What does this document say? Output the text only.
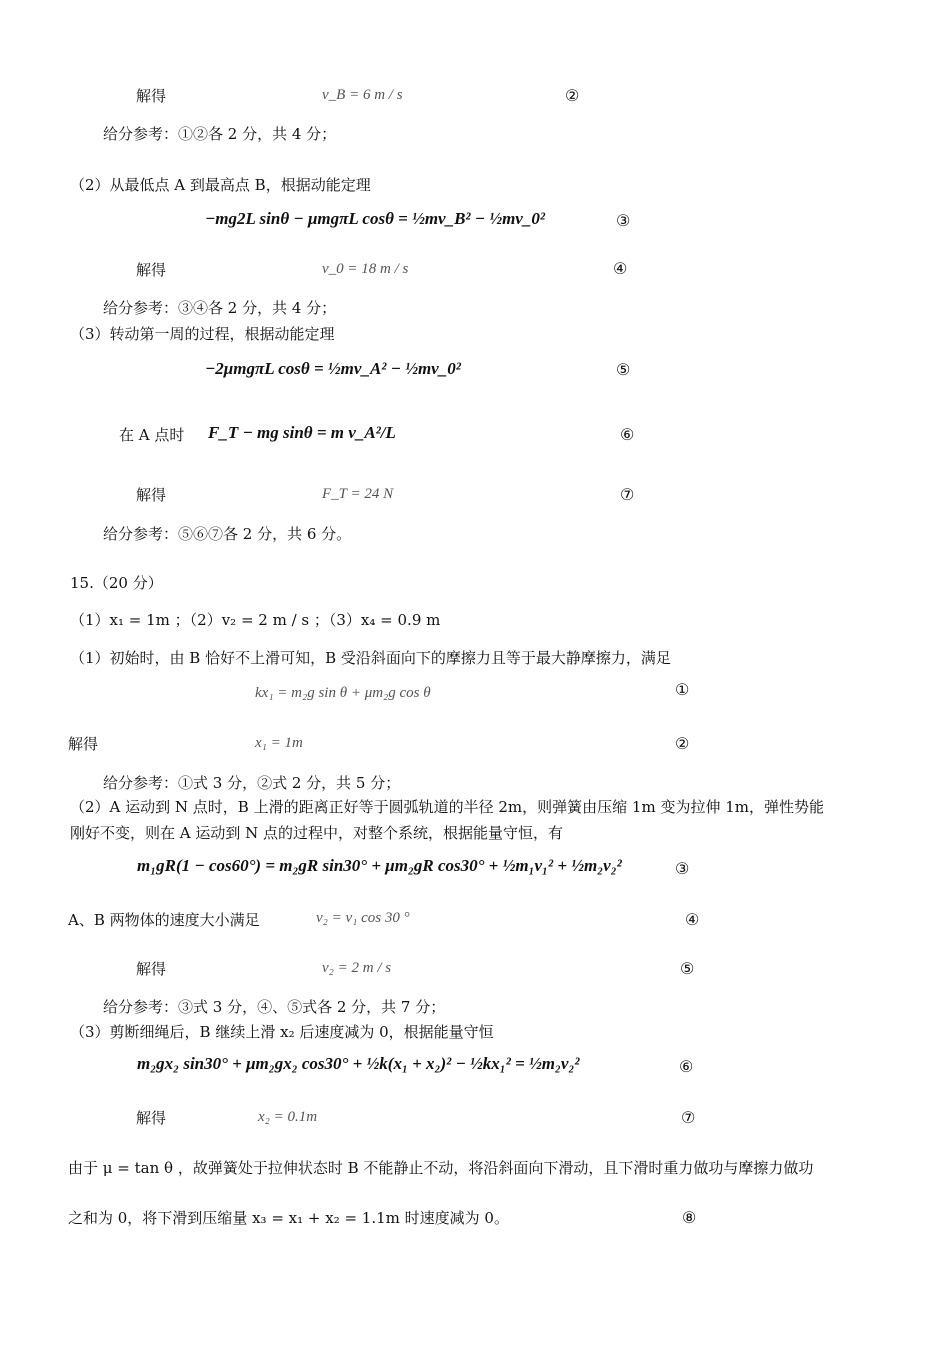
解得	v_B = 6 m / s	②
给分参考：①②各 2 分，共 4 分；
（2）从最低点 A 到最高点 B，根据动能定理
−mg2L sinθ − μmgπL cosθ = ½mv_B² − ½mv_0²	③
解得	v_0 = 18 m / s	④
给分参考：③④各 2 分，共 4 分；
（3）转动第一周的过程，根据动能定理
−2μmgπL cosθ = ½mv_A² − ½mv_0²	⑤
在 A 点时 F_T − mg sinθ = m v_A²/L	⑥
解得	F_T = 24 N	⑦
给分参考：⑤⑥⑦各 2 分，共 6 分。
15.（20 分）
（1）x₁ = 1m ；（2）v₂ = 2 m / s ；（3）x₄ = 0.9 m
（1）初始时，由 B 恰好不上滑可知，B 受沿斜面向下的摩擦力且等于最大静摩擦力，满足
kx₁ = m₂g sin θ + μm₂g cos θ	①
解得	x₁ = 1m	②
给分参考：①式 3 分，②式 2 分，共 5 分；
（2）A 运动到 N 点时，B 上滑的距离正好等于圆弧轨道的半径 2m，则弹簧由压缩 1m 变为拉伸 1m，弹性势能
刚好不变，则在 A 运动到 N 点的过程中，对整个系统，根据能量守恒，有
m₁gR(1 − cos60°) = m₂gR sin30° + μm₂gR cos30° + ½m₁v₁² + ½m₂v₂²	③
A、B 两物体的速度大小满足	v₂ = v₁ cos 30 °	④
解得	v₂ = 2 m / s	⑤
给分参考：③式 3 分，④、⑤式各 2 分，共 7 分；
（3）剪断细绳后，B 继续上滑 x₂ 后速度减为 0，根据能量守恒
m₂gx₂ sin30° + μm₂gx₂ cos30° + ½k(x₁ + x₂)² − ½kx₁² = ½m₂v₂²	⑥
解得	x₂ = 0.1m	⑦
由于 μ = tan θ ，故弹簧处于拉伸状态时 B 不能静止不动，将沿斜面向下滑动，且下滑时重力做功与摩擦力做功
之和为 0，将下滑到压缩量 x₃ = x₁ + x₂ = 1.1m 时速度减为 0。	⑧
